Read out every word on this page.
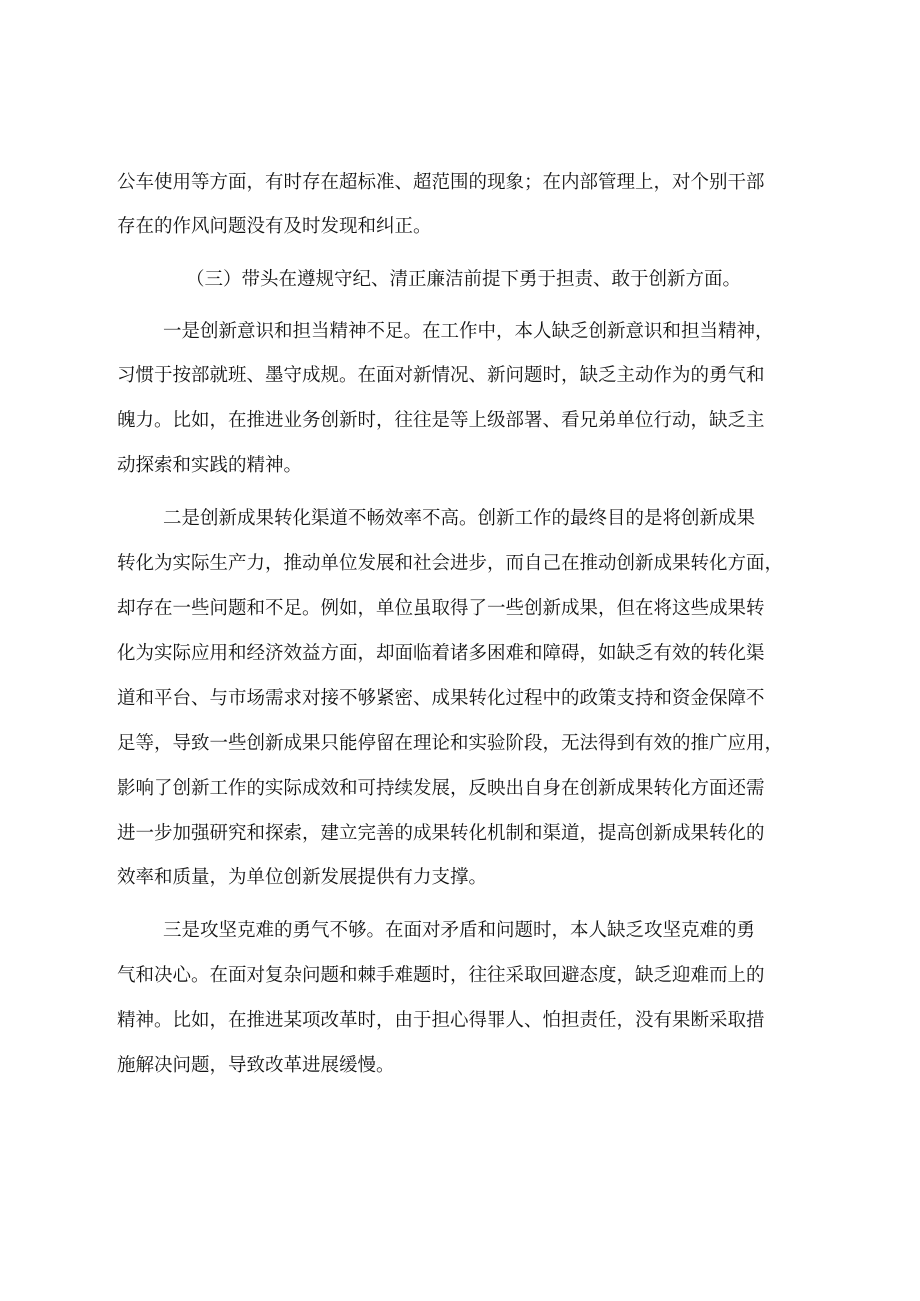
公车使用等方面，有时存在超标准、超范围的现象；在内部管理上，对个别干部

存在的作风问题没有及时发现和纠正。

（三）带头在遵规守纪、清正廉洁前提下勇于担责、敢于创新方面。

一是创新意识和担当精神不足。在工作中，本人缺乏创新意识和担当精神，

习惯于按部就班、墨守成规。在面对新情况、新问题时，缺乏主动作为的勇气和

魄力。比如，在推进业务创新时，往往是等上级部署、看兄弟单位行动，缺乏主

动探索和实践的精神。

二是创新成果转化渠道不畅效率不高。创新工作的最终目的是将创新成果

转化为实际生产力，推动单位发展和社会进步，而自己在推动创新成果转化方面，

却存在一些问题和不足。例如，单位虽取得了一些创新成果，但在将这些成果转

化为实际应用和经济效益方面，却面临着诸多困难和障碍，如缺乏有效的转化渠

道和平台、与市场需求对接不够紧密、成果转化过程中的政策支持和资金保障不

足等，导致一些创新成果只能停留在理论和实验阶段，无法得到有效的推广应用，

影响了创新工作的实际成效和可持续发展，反映出自身在创新成果转化方面还需

进一步加强研究和探索，建立完善的成果转化机制和渠道，提高创新成果转化的

效率和质量，为单位创新发展提供有力支撑。

三是攻坚克难的勇气不够。在面对矛盾和问题时，本人缺乏攻坚克难的勇

气和决心。在面对复杂问题和棘手难题时，往往采取回避态度，缺乏迎难而上的

精神。比如，在推进某项改革时，由于担心得罪人、怕担责任，没有果断采取措

施解决问题，导致改革进展缓慢。
